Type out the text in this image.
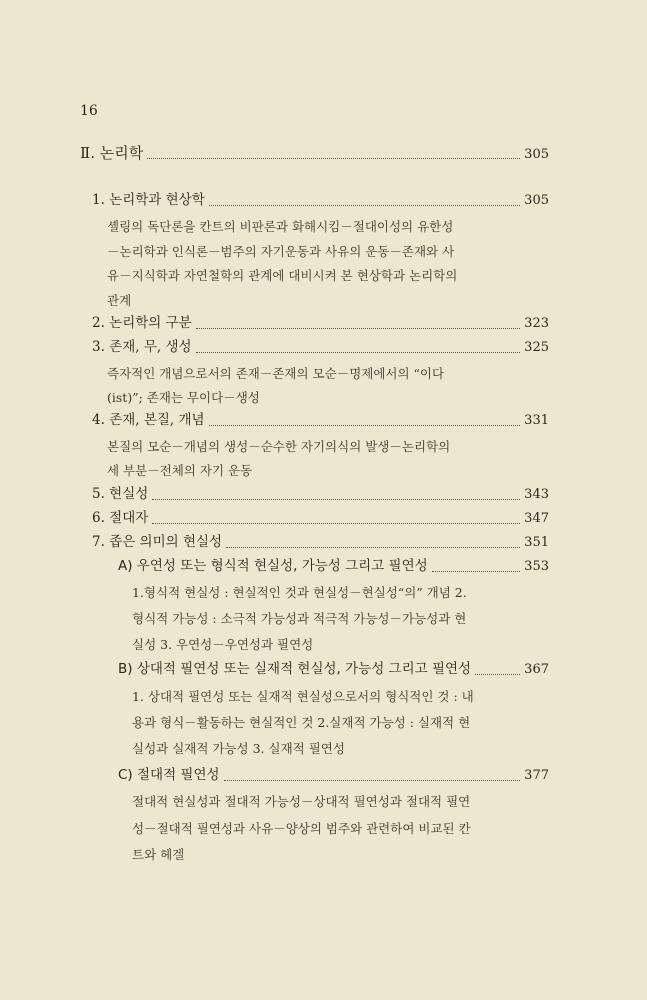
16
Ⅱ. 논리학	305
1. 논리학과 현상학	305
셸링의 독단론을 칸트의 비판론과 화해시킴－절대이성의 유한성
－논리학과 인식론－범주의 자기운동과 사유의 운동－존재와 사
유－지식학과 자연철학의 관계에 대비시켜 본 현상학과 논리학의
관계
2. 논리학의 구분	323
3. 존재, 무, 생성	325
즉자적인 개념으로서의 존재－존재의 모순－명제에서의 “이다
(ist)”; 존재는 무이다－생성
4. 존재, 본질, 개념	331
본질의 모순－개념의 생성－순수한 자기의식의 발생－논리학의
세 부분－전체의 자기 운동
5. 현실성	343
6. 절대자	347
7. 좁은 의미의 현실성	351
A) 우연성 또는 형식적 현실성, 가능성 그리고 필연성	353
1.형식적 현실성 : 현실적인 것과 현실성－현실성“의” 개념 2.
형식적 가능성 : 소극적 가능성과 적극적 가능성－가능성과 현
실성 3. 우연성－우연성과 필연성
B) 상대적 필연성 또는 실재적 현실성, 가능성 그리고 필연성	367
1. 상대적 필연성 또는 실재적 현실성으로서의 형식적인 것 : 내
용과 형식－활동하는 현실적인 것 2.실재적 가능성 : 실재적 현
실성과 실재적 가능성 3. 실재적 필연성
C) 절대적 필연성	377
절대적 현실성과 절대적 가능성－상대적 필연성과 절대적 필연
성－절대적 필연성과 사유－양상의 범주와 관련하여 비교된 칸
트와 헤겔
